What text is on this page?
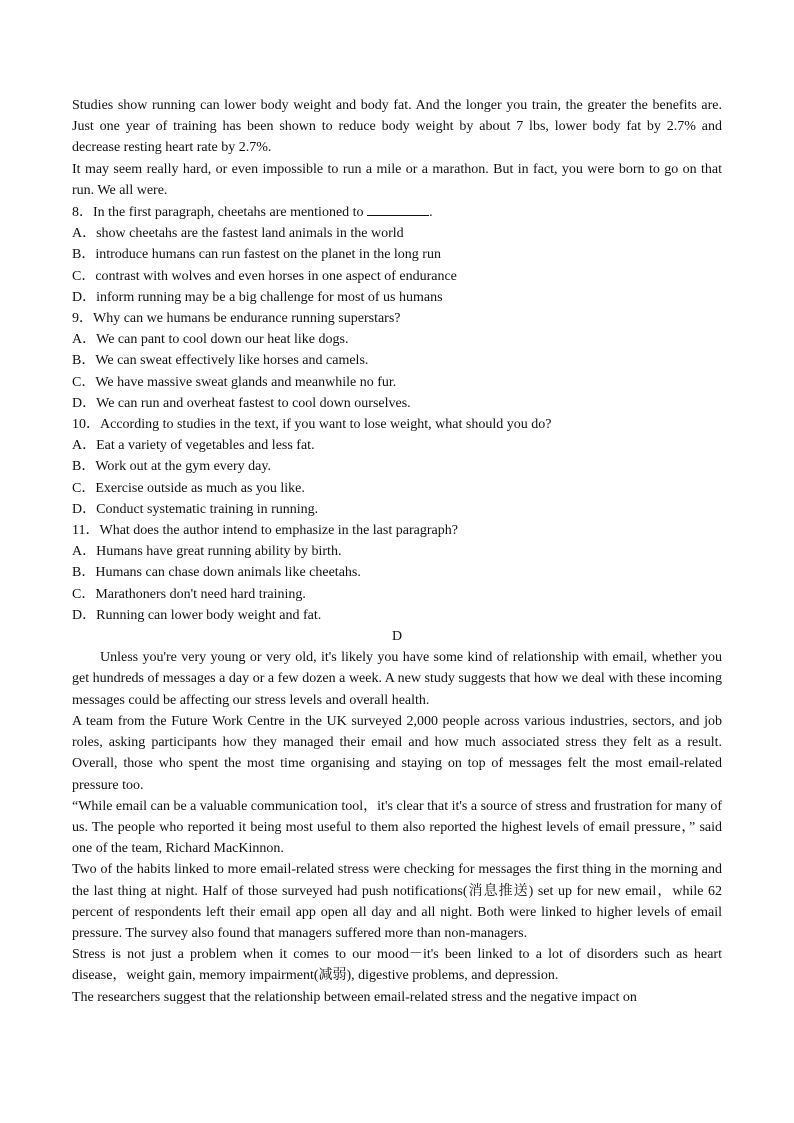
Studies show running can lower body weight and body fat. And the longer you train, the greater the benefits are. Just one year of training has been shown to reduce body weight by about 7 lbs, lower body fat by 2.7% and decrease resting heart rate by 2.7%.

It may seem really hard, or even impossible to run a mile or a marathon. But in fact, you were born to go on that run. We all were.

8．In the first paragraph, cheetahs are mentioned to	.

A．show cheetahs are the fastest land animals in the world

B．introduce humans can run fastest on the planet in the long run

C．contrast with wolves and even horses in one aspect of endurance

D．inform running may be a big challenge for most of us humans

9．Why can we humans be endurance running superstars?

A．We can pant to cool down our heat like dogs.

B．We can sweat effectively like horses and camels.

C．We have massive sweat glands and meanwhile no fur.

D．We can run and overheat fastest to cool down ourselves.

10．According to studies in the text, if you want to lose weight, what should you do?

A．Eat a variety of vegetables and less fat.

B．Work out at the gym every day.

C．Exercise outside as much as you like.

D．Conduct systematic training in running.

11．What does the author intend to emphasize in the last paragraph?

A．Humans have great running ability by birth.

B．Humans can chase down animals like cheetahs.

C．Marathoners don't need hard training.

D．Running can lower body weight and fat.

D

Unless you're very young or very old, it's likely you have some kind of relationship with email, whether you get hundreds of messages a day or a few dozen a week. A new study suggests that how we deal with these incoming messages could be affecting our stress levels and overall health.

A team from the Future Work Centre in the UK surveyed 2,000 people across various industries, sectors, and job roles, asking participants how they managed their email and how much associated stress they felt as a result. Overall, those who spent the most time organising and staying on top of messages felt the most email-related pressure too.

“While email can be a valuable communication tool，it's clear that it's a source of stress and frustration for many of us. The people who reported it being most useful to them also reported the highest levels of email pressure，” said one of the team, Richard MacKinnon.

Two of the habits linked to more email-related stress were checking for messages the first thing in the morning and the last thing at night. Half of those surveyed had push notifications(消息推送) set up for new email，while 62 percent of respondents left their email app open all day and all night. Both were linked to higher levels of email pressure. The survey also found that managers suffered more than non-managers.

Stress is not just a problem when it comes to our mood－it's been linked to a lot of disorders such as heart disease，weight gain, memory impairment(减弱), digestive problems, and depression.

The researchers suggest that the relationship between email-related stress and the negative impact on
